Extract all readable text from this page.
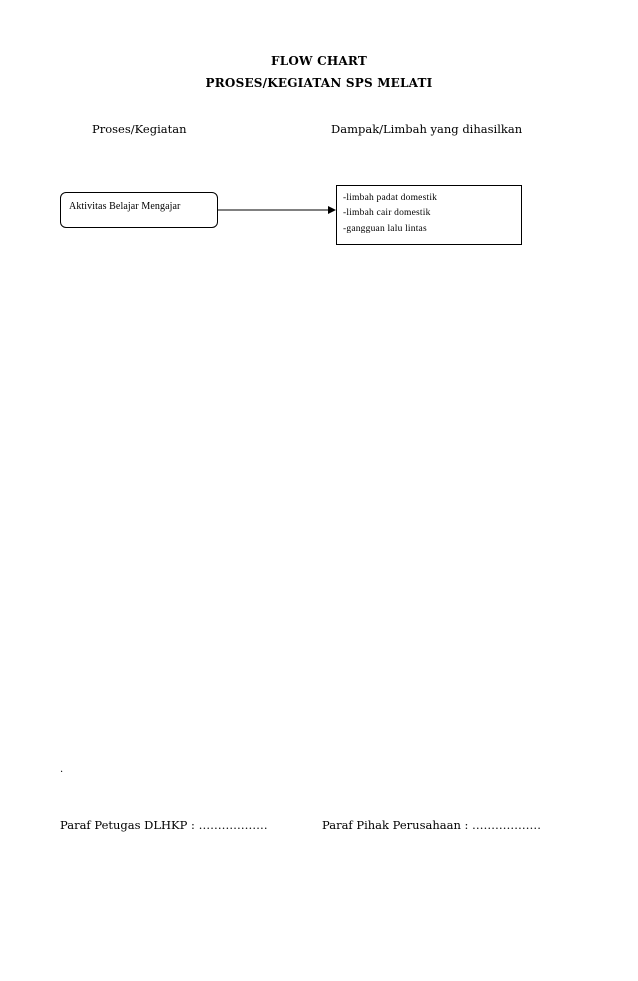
FLOW CHART
PROSES/KEGIATAN SPS MELATI
Proses/Kegiatan	Dampak/Limbah yang dihasilkan
Aktivitas Belajar Mengajar
-limbah padat domestik
-limbah cair domestik
-gangguan lalu lintas
.
Paraf Petugas DLHKP : ………………	Paraf Pihak Perusahaan : ………………
